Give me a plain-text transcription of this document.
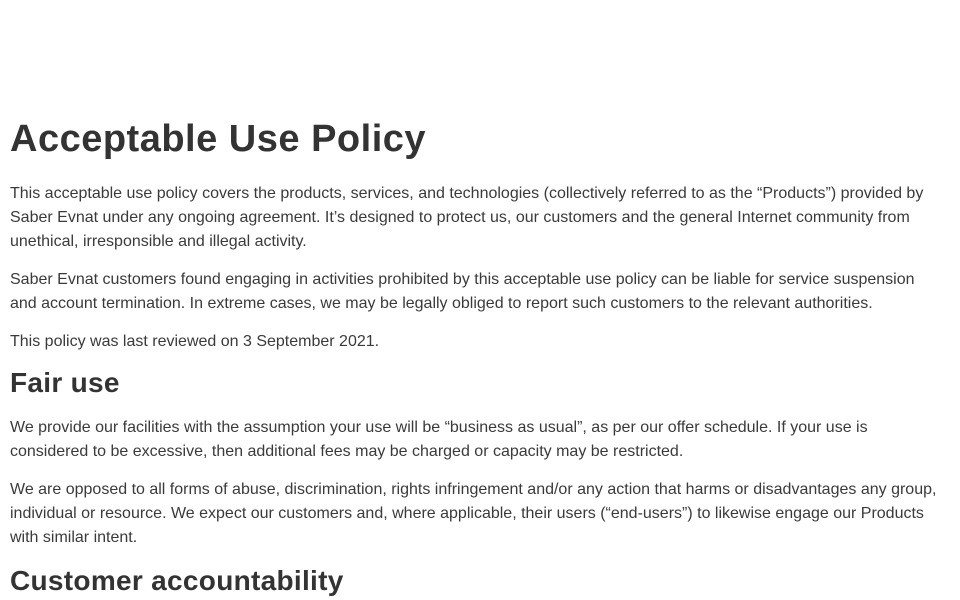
Acceptable Use Policy

This acceptable use policy covers the products, services, and technologies (collectively referred to as the “Products”) provided by Saber Evnat under any ongoing agreement. It’s designed to protect us, our customers and the general Internet community from unethical, irresponsible and illegal activity.

Saber Evnat customers found engaging in activities prohibited by this acceptable use policy can be liable for service suspension and account termination. In extreme cases, we may be legally obliged to report such customers to the relevant authorities.

This policy was last reviewed on 3 September 2021.

Fair use

We provide our facilities with the assumption your use will be “business as usual”, as per our offer schedule. If your use is considered to be excessive, then additional fees may be charged or capacity may be restricted.

We are opposed to all forms of abuse, discrimination, rights infringement and/or any action that harms or disadvantages any group, individual or resource. We expect our customers and, where applicable, their users (“end-users”) to likewise engage our Products with similar intent.

Customer accountability
